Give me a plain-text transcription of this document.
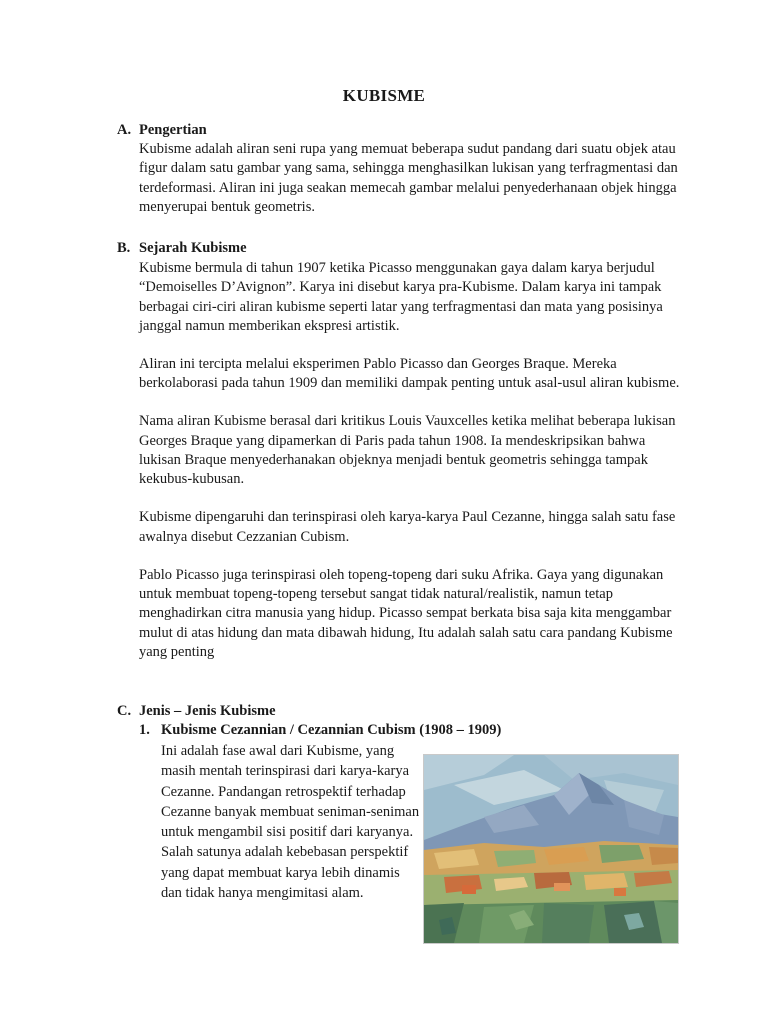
KUBISME
A. Pengertian

Kubisme adalah aliran seni rupa yang memuat beberapa sudut pandang dari suatu objek atau figur dalam satu gambar yang sama, sehingga menghasilkan lukisan yang terfragmentasi dan terdeformasi. Aliran ini juga seakan memecah gambar melalui penyederhanaan objek hingga menyerupai bentuk geometris.

B. Sejarah Kubisme

Kubisme bermula di tahun 1907 ketika Picasso menggunakan gaya dalam karya berjudul “Demoiselles D’Avignon”. Karya ini disebut karya pra-Kubisme. Dalam karya ini tampak berbagai ciri-ciri aliran kubisme seperti latar yang terfragmentasi dan mata yang posisinya janggal namun memberikan ekspresi artistik.

Aliran ini tercipta melalui eksperimen Pablo Picasso dan Georges Braque. Mereka berkolaborasi pada tahun 1909 dan memiliki dampak penting untuk asal-usul aliran kubisme.

Nama aliran Kubisme berasal dari kritikus Louis Vauxcelles ketika melihat beberapa lukisan Georges Braque yang dipamerkan di Paris pada tahun 1908. Ia mendeskripsikan bahwa lukisan Braque menyederhanakan objeknya menjadi bentuk geometris sehingga tampak kekubus-kubusan.

Kubisme dipengaruhi dan terinspirasi oleh karya-karya Paul Cezanne, hingga salah satu fase awalnya disebut Cezzanian Cubism.

Pablo Picasso juga terinspirasi oleh topeng-topeng dari suku Afrika. Gaya yang digunakan untuk membuat topeng-topeng tersebut sangat tidak natural/realistik, namun tetap menghadirkan citra manusia yang hidup. Picasso sempat berkata bisa saja kita menggambar mulut di atas hidung dan mata dibawah hidung, Itu adalah salah satu cara pandang Kubisme yang penting

C. Jenis – Jenis Kubisme
1. Kubisme Cezannian / Cezannian Cubism (1908 – 1909)

Ini adalah fase awal dari Kubisme, yang masih mentah terinspirasi dari karya-karya Cezanne. Pandangan retrospektif terhadap Cezanne banyak membuat seniman-seniman untuk mengambil sisi positif dari karyanya. Salah satunya adalah kebebasan perspektif yang dapat membuat karya lebih dinamis dan tidak hanya mengimitasi alam.
